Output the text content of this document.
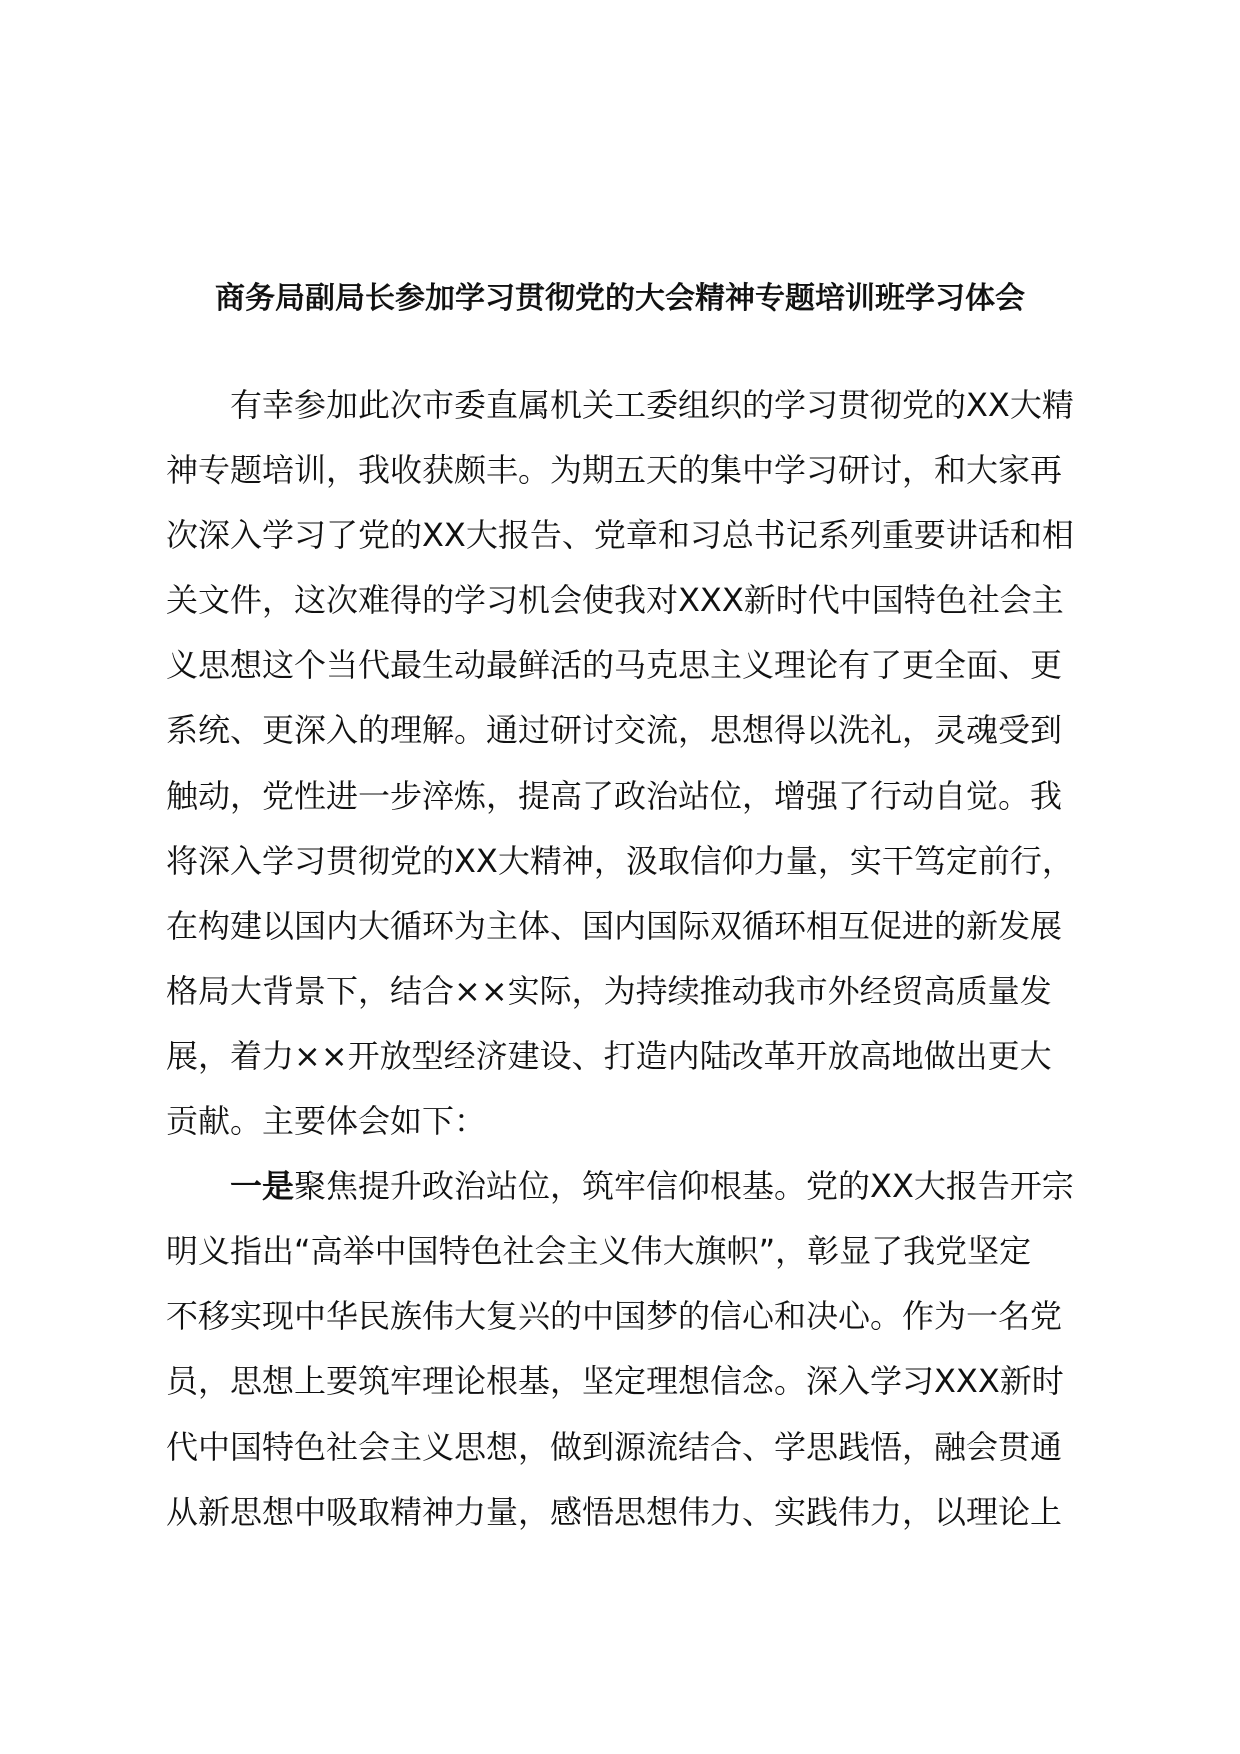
商务局副局长参加学习贯彻党的大会精神专题培训班学习体会
有幸参加此次市委直属机关工委组织的学习贯彻党的XX大精
神专题培训，我收获颇丰。为期五天的集中学习研讨，和大家再
次深入学习了党的XX大报告、党章和习总书记系列重要讲话和相
关文件，这次难得的学习机会使我对XXX新时代中国特色社会主
义思想这个当代最生动最鲜活的马克思主义理论有了更全面、更
系统、更深入的理解。通过研讨交流，思想得以洗礼，灵魂受到
触动，党性进一步淬炼，提高了政治站位，增强了行动自觉。我
将深入学习贯彻党的XX大精神，汲取信仰力量，实干笃定前行，
在构建以国内大循环为主体、国内国际双循环相互促进的新发展
格局大背景下，结合××实际，为持续推动我市外经贸高质量发
展，着力××开放型经济建设、打造内陆改革开放高地做出更大
贡献。主要体会如下：
一是聚焦提升政治站位，筑牢信仰根基。党的XX大报告开宗
明义指出“高举中国特色社会主义伟大旗帜”，彰显了我党坚定
不移实现中华民族伟大复兴的中国梦的信心和决心。作为一名党
员，思想上要筑牢理论根基，坚定理想信念。深入学习XXX新时
代中国特色社会主义思想，做到源流结合、学思践悟，融会贯通
从新思想中吸取精神力量，感悟思想伟力、实践伟力，以理论上
